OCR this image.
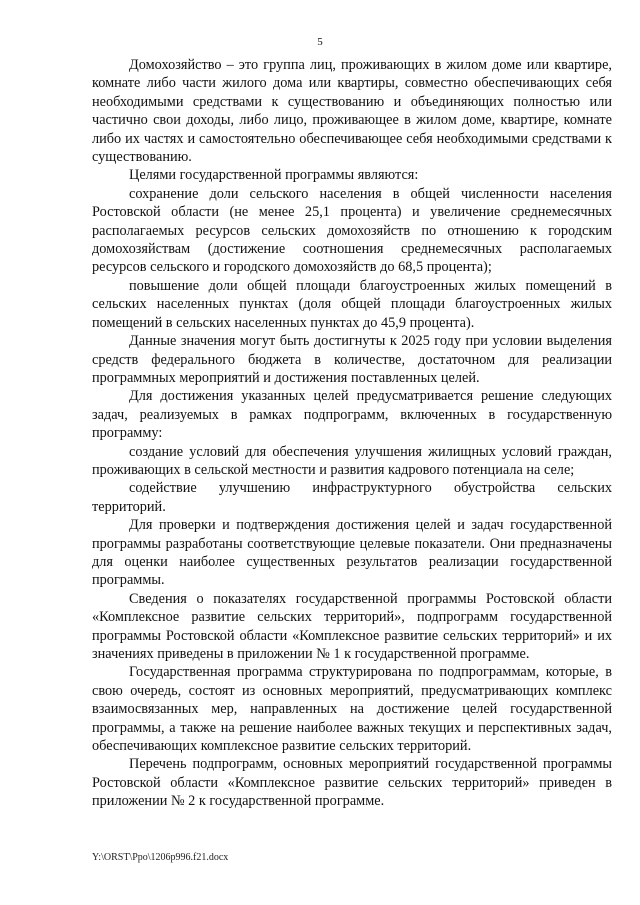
5

Домохозяйство – это группа лиц, проживающих в жилом доме или квартире, комнате либо части жилого дома или квартиры, совместно обеспечивающих себя необходимыми средствами к существованию и объединяющих полностью или частично свои доходы, либо лицо, проживающее в жилом доме, квартире, комнате либо их частях и самостоятельно обеспечивающее себя необходимыми средствами к существованию.

Целями государственной программы являются:

сохранение доли сельского населения в общей численности населения Ростовской области (не менее 25,1 процента) и увеличение среднемесячных располагаемых ресурсов сельских домохозяйств по отношению к городским домохозяйствам (достижение соотношения среднемесячных располагаемых ресурсов сельского и городского домохозяйств до 68,5 процента);

повышение доли общей площади благоустроенных жилых помещений в сельских населенных пунктах (доля общей площади благоустроенных жилых помещений в сельских населенных пунктах до 45,9 процента).

Данные значения могут быть достигнуты к 2025 году при условии выделения средств федерального бюджета в количестве, достаточном для реализации программных мероприятий и достижения поставленных целей.

Для достижения указанных целей предусматривается решение следующих задач, реализуемых в рамках подпрограмм, включенных в государственную программу:

создание условий для обеспечения улучшения жилищных условий граждан, проживающих в сельской местности и развития кадрового потенциала на селе;

содействие улучшению инфраструктурного обустройства сельских территорий.

Для проверки и подтверждения достижения целей и задач государственной программы разработаны соответствующие целевые показатели. Они предназначены для оценки наиболее существенных результатов реализации государственной программы.

Сведения о показателях государственной программы Ростовской области «Комплексное развитие сельских территорий», подпрограмм государственной программы Ростовской области «Комплексное развитие сельских территорий» и их значениях приведены в приложении № 1 к государственной программе.

Государственная программа структурирована по подпрограммам, которые, в свою очередь, состоят из основных мероприятий, предусматривающих комплекс взаимосвязанных мер, направленных на достижение целей государственной программы, а также на решение наиболее важных текущих и перспективных задач, обеспечивающих комплексное развитие сельских территорий.

Перечень подпрограмм, основных мероприятий государственной программы Ростовской области «Комплексное развитие сельских территорий» приведен в приложении № 2 к государственной программе.

Y:\ORST\Ppo\1206p996.f21.docx
